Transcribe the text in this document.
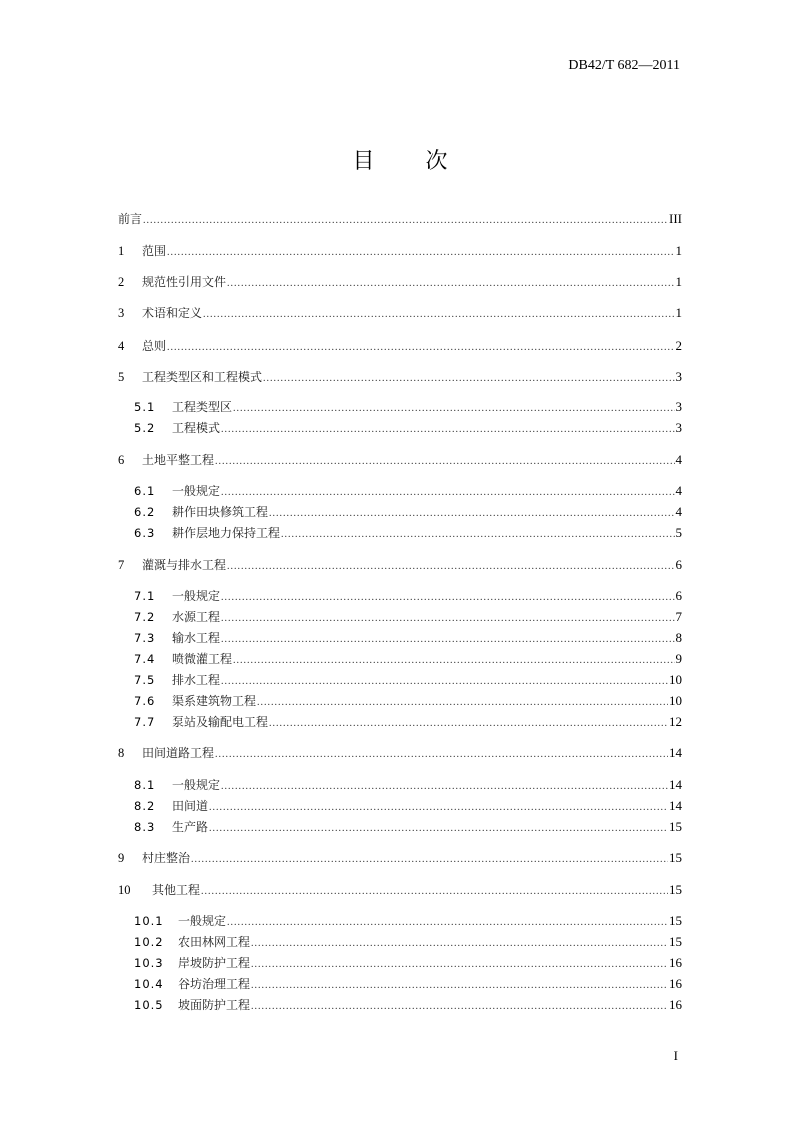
DB42/T 682—2011
目 次
前言 .....	III
1	范围 .....	1
2	规范性引用文件 .....	1
3	术语和定义 .....	1
4	总则 .....	2
5	工程类型区和工程模式 .....	3
5.1	工程类型区 .....	3
5.2	工程模式 .....	3
6	土地平整工程 .....	4
6.1	一般规定 .....	4
6.2	耕作田块修筑工程 .....	4
6.3	耕作层地力保持工程 .....	5
7	灌溉与排水工程 .....	6
7.1	一般规定 .....	6
7.2	水源工程 .....	7
7.3	输水工程 .....	8
7.4	喷微灌工程 .....	9
7.5	排水工程 .....	10
7.6	渠系建筑物工程 .....	10
7.7	泵站及输配电工程 .....	12
8	田间道路工程 .....	14
8.1	一般规定 .....	14
8.2	田间道 .....	14
8.3	生产路 .....	15
9	村庄整治 .....	15
10	其他工程 .....	15
10.1	一般规定 .....	15
10.2	农田林网工程 .....	15
10.3	岸坡防护工程 .....	16
10.4	谷坊治理工程 .....	16
10.5	坡面防护工程 .....	16
I
